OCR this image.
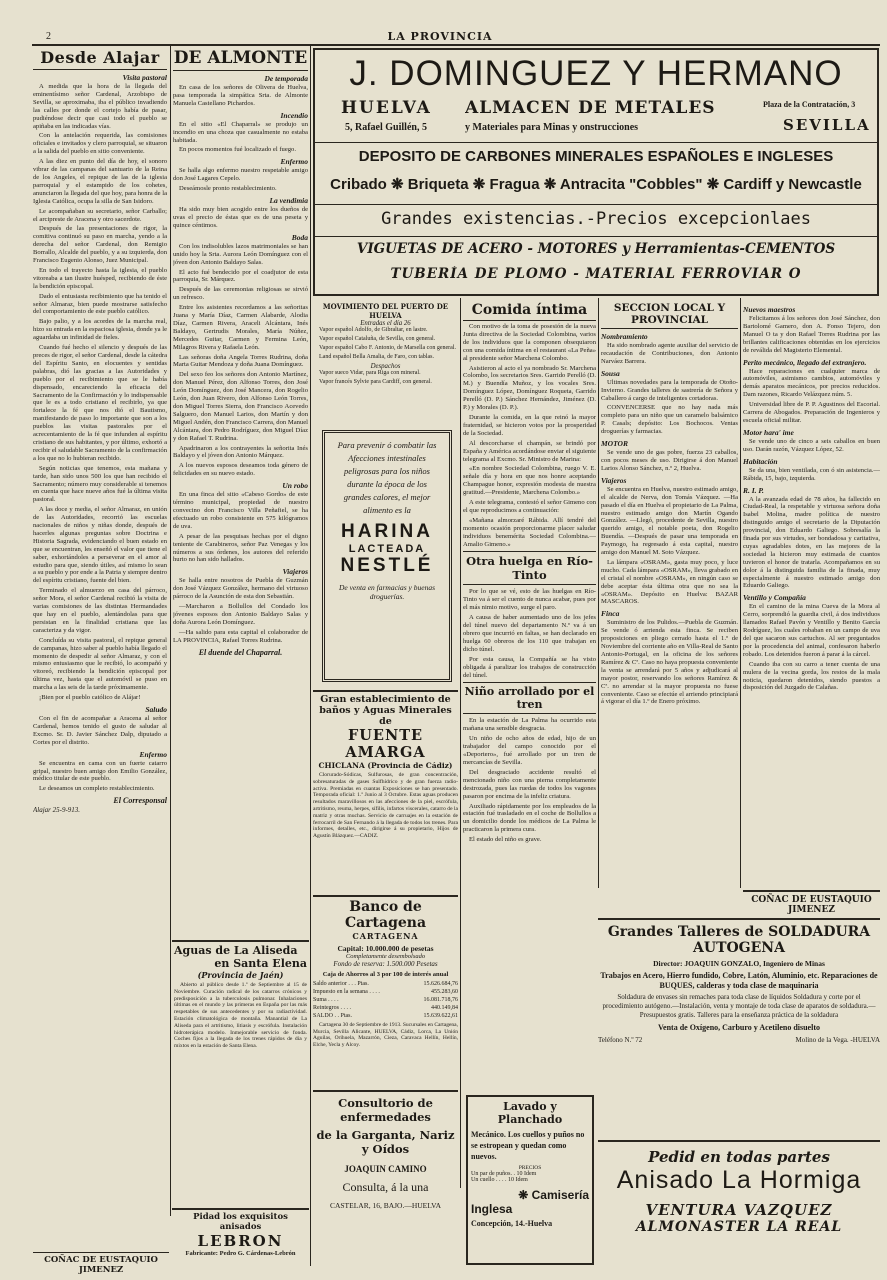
2	LA PROVINCIA
Desde Alajar
Visita pastoral

A medida que la hora de la llegada del eminentísimo señor Cardenal, Arzobispo de Sevilla, se aproximaba, iba el público invadiendo las calles por donde el cortejo había de pasar, pudiéndose decir que casi todo el pueblo se apiñaba en las indicadas vías.

Con la antelación requerida, las comisiones oficiales e invitados y clero parroquial, se situaron a la salida del pueblo en sitio conveniente.

A las diez en punto del día de hoy, el sonoro vibrar de las campanas del santuario de la Reina de los Angeles, el repique de las de la iglesia parroquial y el estampido de los cohetes, anunciaron la llegada del que hoy, para honra de la Iglesia Católica, ocupa la silla de San Isidoro.

Le acompañaban su secretario, señor Carballo; el arcipreste de Aracena y otro sacerdote.

Después de las presentaciones de rigor, la comitiva continuó su paso en marcha, yendo a la derecha del señor Cardenal, don Remigio Borrallo, Alcalde del pueblo, y a su izquierda, don Francisco Eugenio Alonso, Juez Municipal.

En todo el trayecto hasta la iglesia, el pueblo vitoreaba a tan ilustre huésped, recibiendo de éste la bendición episcopal.

Dado el entusiasta recibimiento que ha tenido el señor Almaraz, bien puede mostrarse satisfecho del comportamiento de este pueblo católico.

Bajo palio, y a los acordes de la marcha real, hizo su entrada en la espaciosa iglesia, donde ya le aguardaba un infinidad de fieles.

Cuando fué hecho el silencio y después de las preces de rigor, el señor Cardenal, desde la cátedra del Espíritu Santo, en elocuentes y sentidas palabras, dió las gracias a las Autoridades y pueblo por el recibimiento que se le había dispensado, encareciendo la eficacia del Sacramento de la Confirmación y lo indispensable que le es a todo cristiano el recibirlo, ya que fortalece la fé que nos dió el Bautismo, manifestando de paso lo importante que son a los pueblos las visitas pastorales por el acrecentamiento de la fé que infunden al espíritu cristiano de sus habitantes, y por último, exhortó a recibir el saludable Sacramento de la confirmación a los que no lo hubieran recibido.

Según noticias que tenemos, esta mañana y tarde, han sido unos 500 los que han recibido el Sacramento; número muy considerable si tenemos en cuenta que hace nueve años fué la última visita pastoral.

A las doce y media, el señor Almaraz, en unión de las Autoridades, recorrió las escuelas nacionales de niños y niñas donde, después de hacerles algunas preguntas sobre Doctrina e Historia Sagrada, evidenciando el buen estado en que se encuentran, les enseñó el valor que tiene el saber, exhortándoles a perseverar en el amor al estudio para que, siendo útiles, así mismo lo sean a su pueblo y por ende a la Patria y siempre dentro del espíritu cristiano, fuente del bien.

Terminado el almuerzo en casa del párroco, señor Mora, el señor Cardenal recibió la visita de varias comisiones de las distintas Hermandades que hay en el pueblo, alentándolas para que persistan en la finalidad cristiana que las caracteriza y da vigor.

Concluída su visita pastoral, el repique general de campanas, hizo saber al pueblo había llegado el momento de despedir al señor Almaraz, y con el mismo entusiasmo que le recibió, lo acompañó y vitoreó, recibiendo la bendición episcopal por última vez, hasta que el automóvil se puso en marcha a las seis de la tarde próximamente.

¡Bien por el pueblo católico de Alájar!

Saludo

Con el fin de acompañar a Aracena al señor Cardenal, hemos tenido el gusto de saludar al Excmo. Sr. D. Javier Sánchez Dalp, diputado a Cortes por el distrito.

Enfermo

Se encuentra en cama con un fuerte catarro gripal, nuestro buen amigo don Emilio González, médico titular de este pueblo.

Le deseamos un completo restablecimiento.

El Corresponsal
Alajar 25-9-913.
COÑAC DE EUSTAQUIO JIMENEZ
DE ALMONTE
De temporada

En casa de los señores de Olivera de Huelva, pasa temporada la simpática Srta. de Almonte Manuela Castellano Pichardos.

Incendio

En el sitio «El Chaparral» se produjo un incendio en una choza que casualmente no estaba habitada.

En pocos momentos fué localizado el fuego.

Enfermo

Se halla algo enfermo nuestro respetable amigo don José Lagares Cepelo.

Deseámosle pronto restablecimiento.

La vendimia

Ha sido muy bien acogido entre los dueños de uvas el precio de éstas que es de una peseta y quince céntimos.

Boda

Con los indisolubles lazos matrimoniales se han unido hoy la Srta. Aurora León Domínguez con el jóven don Antonio Baldayo Salas.

El acto fué bendecido por el coadjutor de esta parroquia, Sr. Márquez.

Después de las ceremonias religiosas se sirvió un refresco.

Entre los asistentes recordamos a las señoritas Juana y María Díaz, Carmen Alabarde, Alodia Díaz, Carmen Rivera, Araceli Alcántara, Inés Baldayo, Gertrudis Morales, María Núñez, Mercedes Guitar, Carmen y Fermina León, Milagros Rivera y Rafaela León.

Las señoras doña Angela Torres Rudrina, doña Marta Guitar Mendoza y doña Juana Domínguez.

Del sexo feo los señores don Antonio Martínez, don Manuel Pérez, don Alfonso Torres, don José León Domínguez, don José Mancera, don Rogelio León, don Juan Rivero, don Alfonso León Torres, don Miguel Torres Sierra, don Francisco Acevedo Salguero, don Manuel Larios, don Martín y don Miguel Andén, don Francisco Carrera, don Manuel Alcántara, don Pedro Rodríguez, don Miguel Díaz y don Rafael T. Rudrina.

Apadrinaron a los contrayentes la señorita Inés Baldayo y el jóven don Antonio Márquez.

A los nuevos esposos deseamos toda género de felicidades en su nuevo estado.

Un robo

En una finca del sitio «Cabeso Gordo» de este término municipal, propiedad de nuestro convecino don Francisco Villa Peñafiel, se ha efectuado un robo consistente en 575 kilógramos de uva.

A pesar de las pesquisas hechas por el digno teniente de Carabineros, señor Paz Venegas y los números a sus órdenes, los autores del referido hurto no han sido hallados.

Viajeros

Se halla entre nosotros de Puebla de Guzmán don José Vázquez González, hermano del virtuoso párroco de la Asunción de esta don Sebastián.

—Marcharon a Bollullos del Condado los jóvenes esposos don Antonio Baldayo Salas y doña Aurora León Domínguez.

—Ha salido para esta capital el colaborador de LA PROVINCIA, Rafael Torres Rudrina.

El duende del Chaparral.
Aguas de La Aliseda
en Santa Elena
(Provincia de Jaén)

Abierto al público desde 1.º de Septiembre al 15 de Noviembre. Curación radical de los catarros crónicos y predisposición a la tuberculosis pulmonar. Inhalaciones últimas en el mundo y las primeras en España por las más respetables de sus antecedentes y por su radiactividad. Estación climatológica de montaña. Manantial de La Aliseda para el artritismo, litiasis y escrófula. Instalación hidroterápica modelo. Inmejorable servicio de fonda. Coches fijos a la llegada de los trenes rápidos de día y mixtos en la estación de Santa Elena.

Pidad los exquisitos anisados
LEBRON
Fabricante: Pedro G. Cárdenas-Lebrón
J. DOMINGUEZ Y HERMANO
HUELVA
5, Rafael Guillén, 5
ALMACEN DE METALES
y Materiales para Minas y onstrucciones
Plaza de la Contratación, 3
SEVILLA
DEPOSITO DE CARBONES MINERALES ESPAÑOLES E INGLESES
Cribado ❋ Briqueta ❋ Fragua ❋ Antracita "Cobbles" ❋ Cardiff y Newcastle
Grandes existencias.-Precios excepcionlaes
VIGUETAS DE ACERO - MOTORES y Herramientas-CEMENTOS
TUBERÍA DE PLOMO - MATERIAL FERROVIAR O
MOVIMIENTO DEL PUERTO DE HUELVA
Entradas el día 26

Vapor español Adolfo, de Gibraltar, en lastre.

Vapor español Cataluña, de Sevilla, con general.

Vapor español Cabo F. Antonio, de Marsella con general.

Land español Bella Amalia, de Faro, con tablas.

Despachos

Vapor sueco Vidar, para Riga con mineral.

Vapor francés Sylvie para Cardiff, con general.

Para prevenir ó combatir las Afecciones intestinales peligrosas para los niños durante la época de los grandes calores, el mejor alimento es la
HARINA
LACTEADA
NESTLÉ
De venta en farmacias y buenas droguerías.
Gran establecimiento de baños y Aguas Minerales de
FUENTE AMARGA
CHICLANA (Provincia de Cádiz)

Clorurado-Sódicas, Sulfurosas, de gran concentración, sobresaturadas de gases Sulfhídrico y de gran fuerza radio-activa. Premiadas en cuantas Exposiciones se han presentado. Temporada oficial: 1.º Junio al 3 Octubre. Estas aguas producen resultados maravillosos en las afecciones de la piel, escrófula, artritismo, reuma, herpes, sífilis, infartos viscerales, catarro de la matriz y otras muchas. Servicio de carruajes en la estación de ferrocarril de San Fernando á la llegada de todos los trenes. Para informes, detalles, etc., dirigirse á su propietario, Hijos de Agustín Blázquez.—CADIZ.

Banco de Cartagena
CARTAGENA
Capital: 10.000.000 de pesetas
Completamente desembolsado
Fondo de reserva: 1.500.000 Pesetas
Caja de Ahorros al 3 por 100 de interés anual
Saldo anterior . . . Ptas.	15.626.684,76
Impuesto en la semana . . . .	455.283,60
Suma . . . .	16.081.718,76
Reintegros . . . .	440.149,84
SALDO . . Ptas.	15.639.622,61

Cartagena 30 de Septiembre de 1913. Sucursales en Cartagena, Murcia, Sevilla Alicante, HUELVA, Cádiz, Lorca, La Unión Aguilas, Orihuela, Mazarrón, Cieza, Caravaca Hellín, Hellín, Elche, Yecla y Alcoy.

Consultorio de enfermedades
de la Garganta, Nariz y Oídos
JOAQUIN CAMINO
Consulta, á la una
CASTELAR, 16, BAJO.—HUELVA
Comida íntima

Con motivo de la toma de posesión de la nueva Junta directiva de la Sociedad Colombina, varios de los individuos que la componen obsequiaron con una comida íntima en el restaurant «La Peña» al presidente señor Marchena Colombo.

Asistieron al acto el ya nombrado Sr. Marchena Colombo, los secretarios Sres. Garrido Perelló (D. M.) y Buendía Muñoz, y los vocales Sres. Domínguez López, Domínguez Roqueta, Garrido Perelló (D. P.) Sánchez Hernández, Jiménez (D. P.) y Morales (D. P.).

Durante la comida, en la que reinó la mayor fraternidad, se hicieron votos por la prosperidad de la Sociedad.

Al descorcharse el champán, se brindó por España y América acordándose enviar el siguiente telegrama al Excmo. Sr. Ministro de Marina:

«En nombre Sociedad Colombina, ruego V. E. señale día y hora en que nos honre aceptando Champague honor, expresión modesta de nuestra gratitud.—Presidente, Marchena Colombo.»

A este telegrama, contestó el señor Gimeno con el que reproducimos a continuación:

«Mañana almorzaré Rábida. Allí tendré del momento ocasión proporcionarme placer saludar individuos benemérita Sociedad Colombina.—Amalio Gimeno.»

Otra huelga en Río-Tinto

Por lo que se vé, esto de las huelgas en Río-Tinto va á ser el cuento de nunca acabar, pues por el más nimio motivo, surge el paro.

A causa de haber aumentado uno de los jefes del túnel nuevo del departamento N.º va á un obrero que incurrió en faltas, se han declarado en huelga 60 obreros de los 110 que trabajan en dicho túnel.

Por esta causa, la Compañía se ha visto obligada á paralizar los trabajos de construcción del túnel.

Niño arrollado por el tren

En la estación de La Palma ha ocurrido esta mañana una sensible desgracia.

Un niño de ocho años de edad, hijo de un trabajador del campo conocido por el «Deportero», fué arrollado por un tren de mercancías de Sevilla.

Del desgraciado accidente resultó el mencionado niño con una pierna completamente destrozada, pues las ruedas de todos los vagones pasaron por encima de la infeliz criatura.

Auxiliado rápidamente por los empleados de la estación fué trasladado en el coche de Bollullos a un domicilio donde los médicos de La Palma le practicaron la primera cura.

El estado del niño es grave.

Lavado y Planchado
Mecánico. Los cuellos y puños no se estropean y quedan como nuevos.
PRECIOS
Un par de puños. . 10 Idem
Un cuello . . . . 10 Idem
❋ Camisería
Inglesa
Concepción, 14.-Huelva
SECCION LOCAL Y PROVINCIAL
Nombramiento

Ha sido nombrado agente auxiliar del servicio de recaudación de Contribuciones, don Antonio Narváez Barrera.

Sousa

Ultimas novedades para la temporada de Otoño-Invierno. Grandes talleres de sastrería de Señora y Caballero á cargo de inteligentes cortadoras.

CONVENCERSE que no hay nada más completo para un niño que un caramelo balsámico P. Casals; depósito: Los Bochocos. Ventas droguerías y farmacias.

MOTOR

Se vende uno de gas pobre, fuerza 23 caballos, con pocos meses de uso. Dirigirse á don Manuel Larios Alonso Sánchez, n.º 2, Huelva.

Viajeros

Se encuentra en Huelva, nuestro estimado amigo, el alcalde de Nerva, don Tomás Vázquez. —Ha pasado el día en Huelva el propietario de La Palma, nuestro estimado amigo don Martín Ogando González. —Llegó, procedente de Sevilla, nuestro querido amigo, el notable poeta, don Rogelio Buendía. —Después de pasar una temporada en Paymogo, ha regresado á esta capital, nuestro amigo don Manuel M. Soto Vázquez.

La lámpara «OSRAM», gasta muy poco, y luce mucho. Cada lámpara «OSRAM», lleva grabado en el cristal el nombre «OSRAM», en ningún caso se debe aceptar ésta última otra que no sea la «OSRAM». Depósito en Huelva: BAZAR MASCAROS.

Finca

Suministro de los Pulidos.—Puebla de Guzmán. Se vende ó arrienda esta finca. Se reciben proposiciones en pliego cerrado hasta el 1.º de Noviembre del corriente año en Villa-Real de Santo Antonio-Portugal, en la oficina de los señores Ramírez & Cª. Caso no haya propuesta conveniente la venta se arrendará por 5 años y adjudicará al mayor postor, reservando los señores Ramírez & Cª. no arrendar si la mayor propuesta no fuese conveniente. Caso se efectúe el arriendo principiará á vigorar el día 1.º de Enero próximo.

Nuevos maestros

Felicitamos á los señores don José Sánchez, don Bartolomé Gamero, don A. Fonso Tejero, don Manuel O ta y don Rafael Torres Rudrina por las brillantes calificaciones obtenidas en los ejercicios de reválida del Magisterio Elemental.

Perito mecánico, llegado del extranjero.

Hace reparaciones en cualquier marca de automóviles, asimismo cambios, automóviles y demás aparatos mecánicos, por precios reducidos. Dam razones, Ricardo Velázquez núm. 5.

Universidad libre de P. P. Agustinos del Escorial. Carrera de Abogados. Preparación de Ingenieros y escuela oficial militar.

Motor hara' ime

Se vende uno de cinco a seis caballos en buen uso. Darán razón, Vázquez López, 52.

Habitación

Se da una, bien ventilada, con ó sin asistencia.—Rábida, 15, bajo, izquierda.

R. I. P.

A la avanzada edad de 78 años, ha fallecido en Ciudad-Real, la respetable y virtuosa señora doña Isabel Molina, madre política de nuestro distinguido amigo el secretario de la Diputación provincial, don Eduardo Galiego. Sobresalía la finada por sus virtudes, ser bondadosa y caritativa, cuyas agradables dotes, en las mejores de la sociedad la hicieron muy estimada de cuantos tuvieron el honor de tratarla. Acompañamos en su dolor á la distinguida familia de la finada, muy especialmente á nuestro estimado amigo don Eduardo Galiego.

Ventillo y Compañía

En el camino de la mina Cueva de la Mora al Cerro, sorprendió la guardia civil, á dos individuos llamados Rafael Pavón y Ventillo y Benito García Rodríguez, los cuales robaban en un campo de uva del que sacaron sus cartuchos. Al ser preguntados por la procedencia del animal, confesaron haberlo robado. Los detenidos fueron á parar á la cárcel.

Cuando iba con su carro a tener cuenta de una mulera de la vecina gorda, los restos de la mala noticia, quedaron detenidos, siendo puestos a disposición del Juzgado de Calañas.

COÑAC DE EUSTAQUIO JIMENEZ
Grandes Talleres de SOLDADURA AUTOGENA
Director: JOAQUIN GONZALO, Ingeniero de Minas

Trabajos en Acero, Hierro fundido, Cobre, Latón, Aluminio, etc. Reparaciones de BUQUES, calderas y toda clase de maquinaria

Soldadura de envases sin remaches para toda clase de líquidos Soldadura y corte por el procedimiento autógeno.—Instalación, venta y montaje de toda clase de aparatos de soldadura.—Presupuestos gratis. Talleres para la enseñanza práctica de la soldadura

Venta de Oxígeno, Carburo y Acetileno disuelto
Teléfono N.º 72	Molino de la Vega. -HUELVA
Pedid en todas partes
Anisado La Hormiga
VENTURA VAZQUEZ
ALMONASTER LA REAL
